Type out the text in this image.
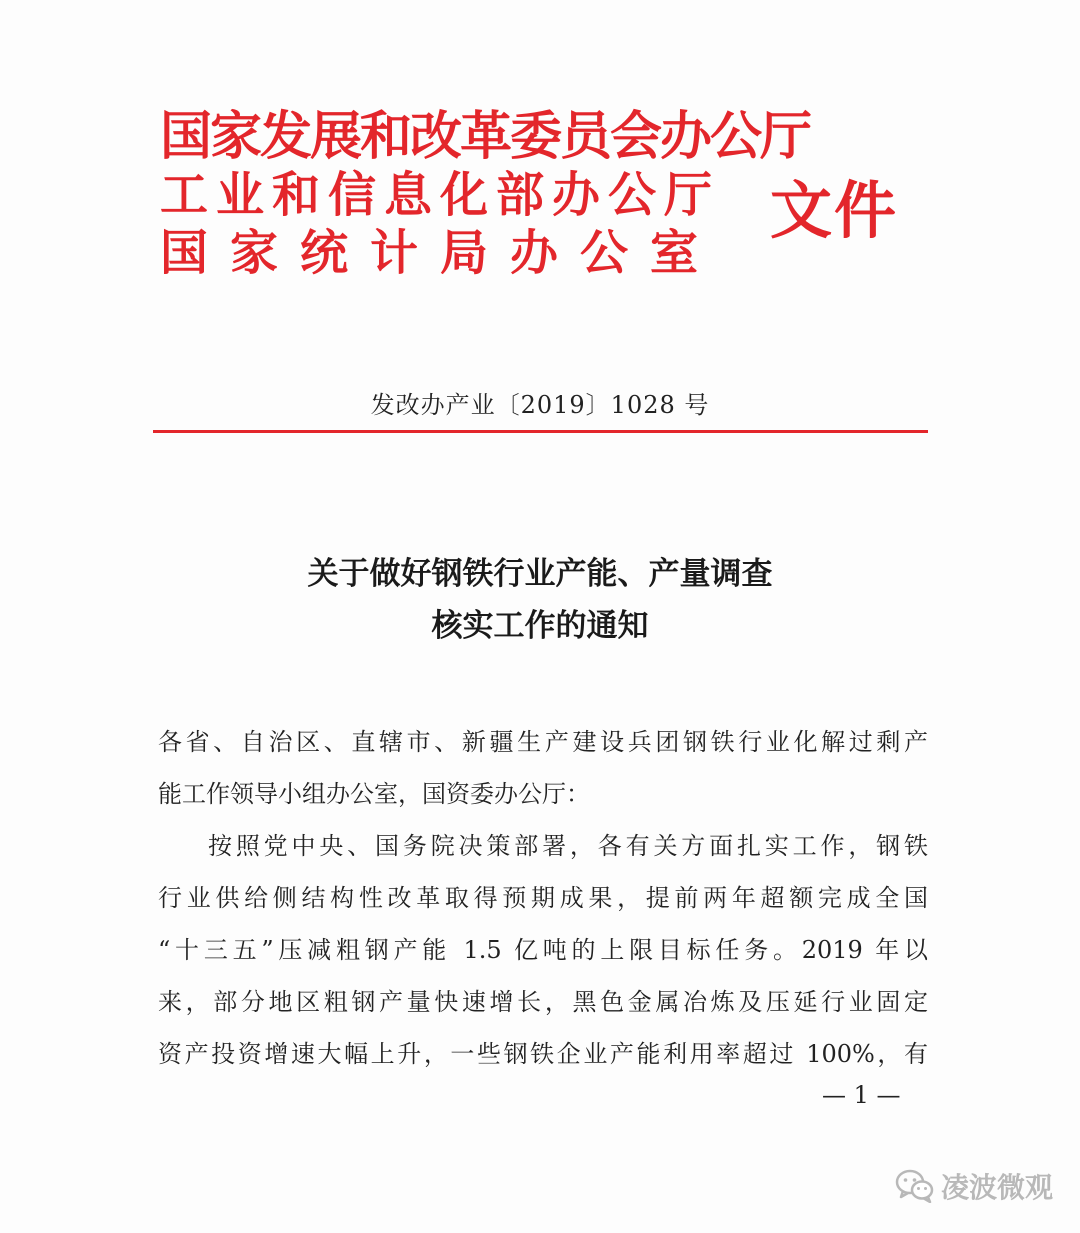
国家发展和改革委员会办公厅
工业和信息化部办公厅
国家统计局办公室
文件
发改办产业〔2019〕1028 号
关于做好钢铁行业产能、产量调查
核实工作的通知
各省、自治区、直辖市、新疆生产建设兵团钢铁行业化解过剩产
能工作领导小组办公室，国资委办公厅：
按照党中央、国务院决策部署，各有关方面扎实工作，钢铁
行业供给侧结构性改革取得预期成果，提前两年超额完成全国
“十三五”压减粗钢产能 1.5 亿吨的上限目标任务。2019 年以
来，部分地区粗钢产量快速增长，黑色金属冶炼及压延行业固定
资产投资增速大幅上升，一些钢铁企业产能利用率超过 100%，有
— 1 —
凌波微观
